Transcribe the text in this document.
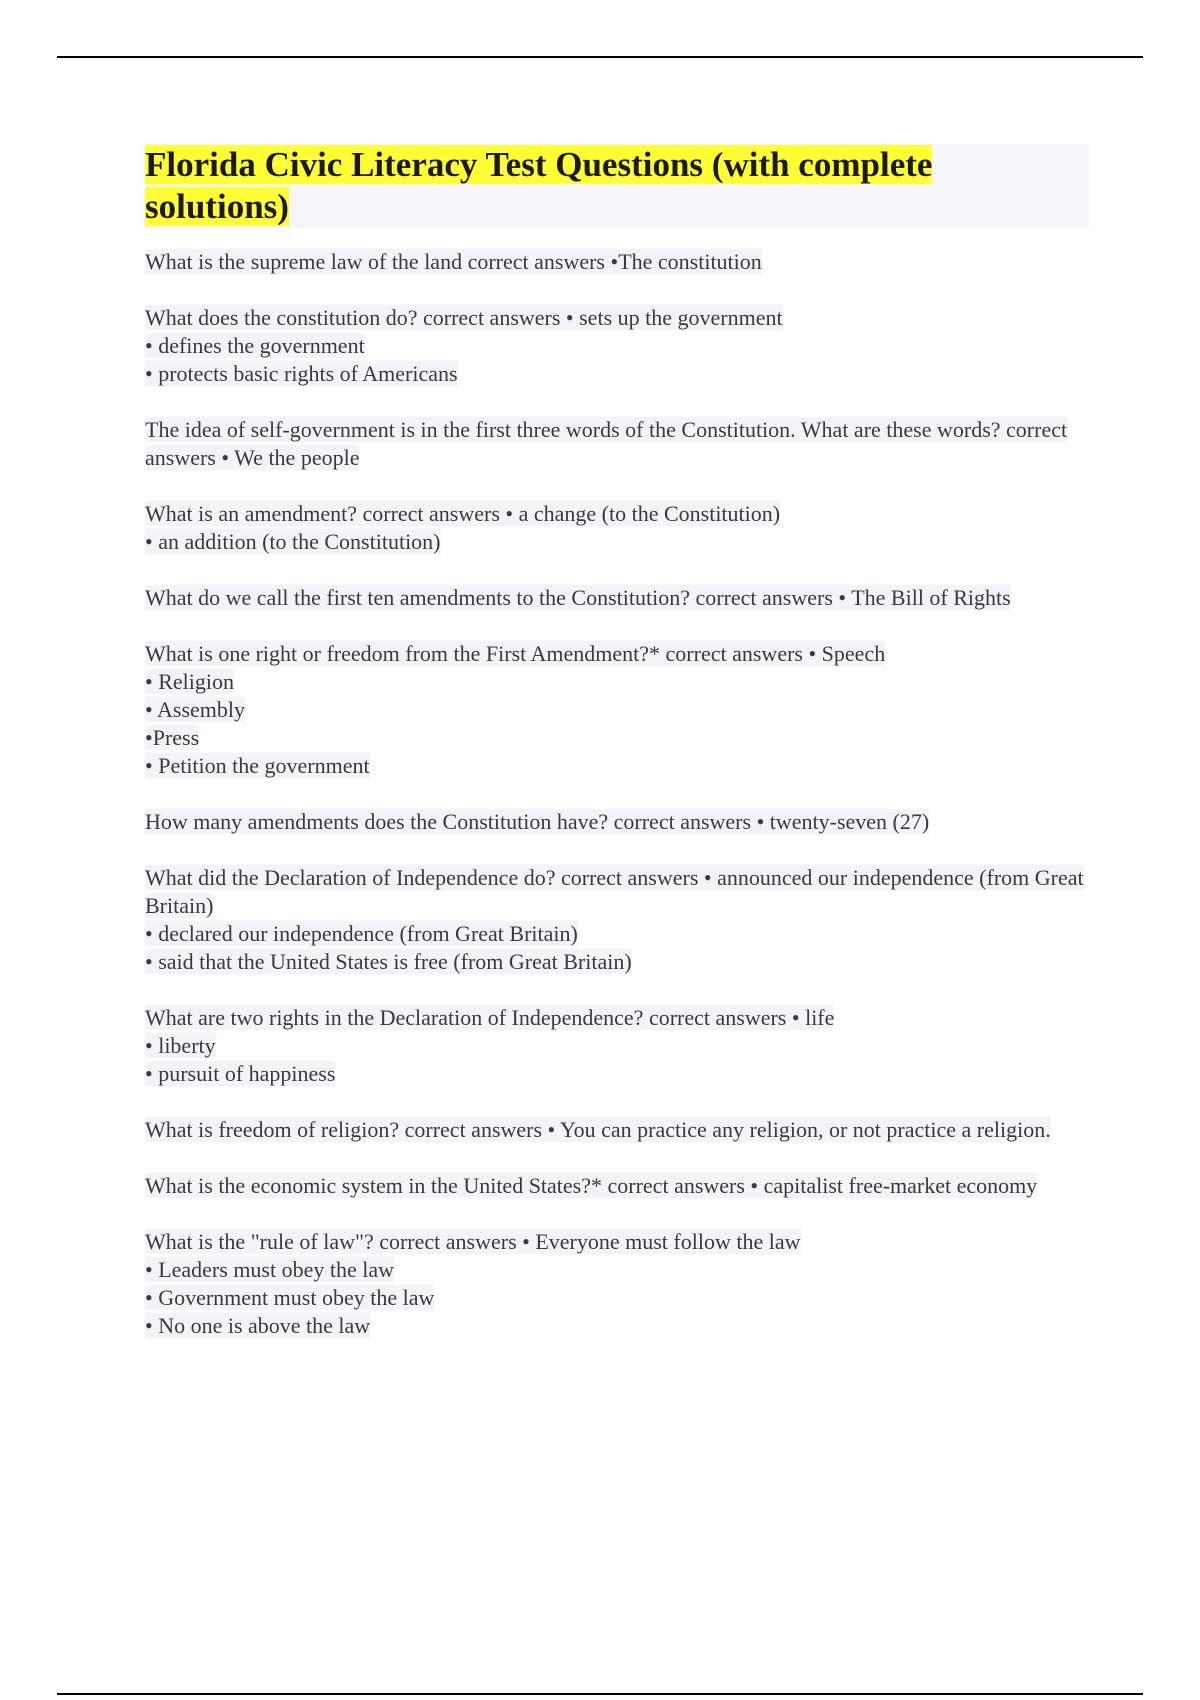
Florida Civic Literacy Test Questions (with complete solutions)
What is the supreme law of the land correct answers •The constitution
What does the constitution do? correct answers • sets up the government
• defines the government
• protects basic rights of Americans
The idea of self-government is in the first three words of the Constitution. What are these words? correct answers • We the people
What is an amendment? correct answers • a change (to the Constitution)
• an addition (to the Constitution)
What do we call the first ten amendments to the Constitution? correct answers • The Bill of Rights
What is one right or freedom from the First Amendment?* correct answers • Speech
• Religion
• Assembly
•Press
• Petition the government
How many amendments does the Constitution have? correct answers • twenty-seven (27)
What did the Declaration of Independence do? correct answers • announced our independence (from Great Britain)
• declared our independence (from Great Britain)
• said that the United States is free (from Great Britain)
What are two rights in the Declaration of Independence? correct answers • life
• liberty
• pursuit of happiness
What is freedom of religion? correct answers • You can practice any religion, or not practice a religion.
What is the economic system in the United States?* correct answers • capitalist free-market economy
What is the "rule of law"? correct answers • Everyone must follow the law
• Leaders must obey the law
• Government must obey the law
• No one is above the law
